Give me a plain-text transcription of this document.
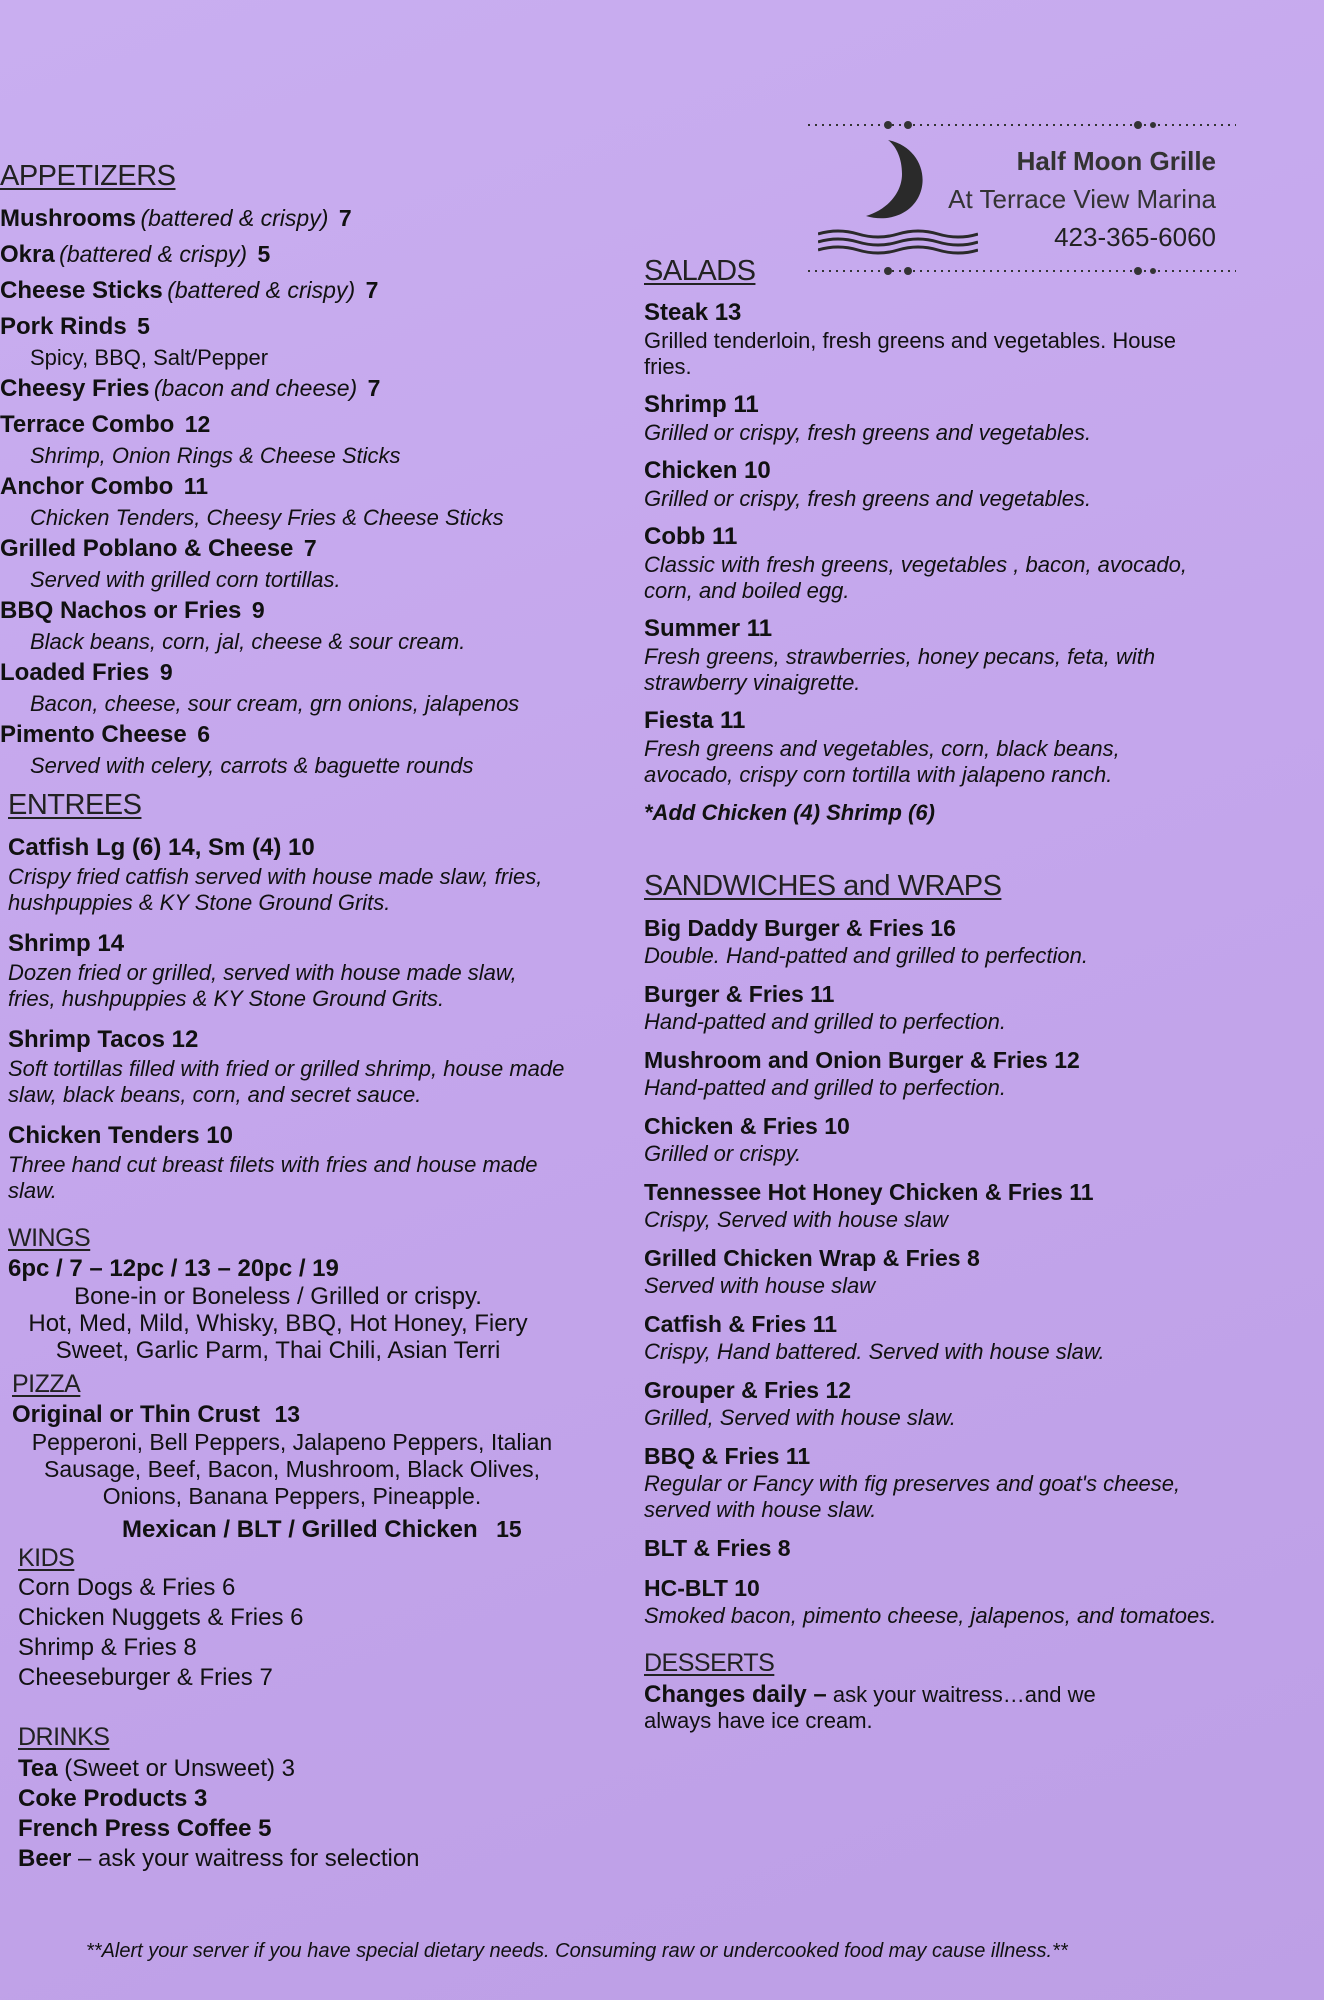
Half Moon Grille
At Terrace View Marina
423-365-6060
APPETIZERS
Mushrooms (battered & crispy) 7
Okra (battered & crispy) 5
Cheese Sticks (battered & crispy) 7
Pork Rinds 5
Spicy, BBQ, Salt/Pepper
Cheesy Fries (bacon and cheese) 7
Terrace Combo 12
Shrimp, Onion Rings & Cheese Sticks
Anchor Combo 11
Chicken Tenders, Cheesy Fries & Cheese Sticks
Grilled Poblano & Cheese 7
Served with grilled corn tortillas.
BBQ Nachos or Fries 9
Black beans, corn, jal, cheese & sour cream.
Loaded Fries 9
Bacon, cheese, sour cream, grn onions, jalapenos
Pimento Cheese 6
Served with celery, carrots & baguette rounds
ENTREES
Catfish Lg (6) 14, Sm (4) 10
Crispy fried catfish served with house made slaw, fries, hushpuppies & KY Stone Ground Grits.
Shrimp 14
Dozen fried or grilled, served with house made slaw, fries, hushpuppies & KY Stone Ground Grits.
Shrimp Tacos 12
Soft tortillas filled with fried or grilled shrimp, house made slaw, black beans, corn, and secret sauce.
Chicken Tenders 10
Three hand cut breast filets with fries and house made slaw.
WINGS
6pc / 7 – 12pc / 13 – 20pc / 19
Bone-in or Boneless / Grilled or crispy.
Hot, Med, Mild, Whisky, BBQ, Hot Honey, Fiery
Sweet, Garlic Parm, Thai Chili, Asian Terri
PIZZA
Original or Thin Crust 13
Pepperoni, Bell Peppers, Jalapeno Peppers, Italian
Sausage, Beef, Bacon, Mushroom, Black Olives,
Onions, Banana Peppers, Pineapple.
Mexican / BLT / Grilled Chicken 15
KIDS
Corn Dogs & Fries 6
Chicken Nuggets & Fries 6
Shrimp & Fries 8
Cheeseburger & Fries 7
DRINKS
Tea (Sweet or Unsweet) 3
Coke Products 3
French Press Coffee 5
Beer – ask your waitress for selection
SALADS
Steak 13
Grilled tenderloin, fresh greens and vegetables. House fries.
Shrimp 11
Grilled or crispy, fresh greens and vegetables.
Chicken 10
Grilled or crispy, fresh greens and vegetables.
Cobb 11
Classic with fresh greens, vegetables , bacon, avocado, corn, and boiled egg.
Summer 11
Fresh greens, strawberries, honey pecans, feta, with strawberry vinaigrette.
Fiesta 11
Fresh greens and vegetables, corn, black beans, avocado, crispy corn tortilla with jalapeno ranch.
*Add Chicken (4) Shrimp (6)
SANDWICHES and WRAPS
Big Daddy Burger & Fries 16
Double. Hand-patted and grilled to perfection.
Burger & Fries 11
Hand-patted and grilled to perfection.
Mushroom and Onion Burger & Fries 12
Hand-patted and grilled to perfection.
Chicken & Fries 10
Grilled or crispy.
Tennessee Hot Honey Chicken & Fries 11
Crispy, Served with house slaw
Grilled Chicken Wrap & Fries 8
Served with house slaw
Catfish & Fries 11
Crispy, Hand battered. Served with house slaw.
Grouper & Fries 12
Grilled, Served with house slaw.
BBQ & Fries 11
Regular or Fancy with fig preserves and goat's cheese, served with house slaw.
BLT & Fries 8
HC-BLT 10
Smoked bacon, pimento cheese, jalapenos, and tomatoes.
DESSERTS
Changes daily – ask your waitress…and we always have ice cream.
**Alert your server if you have special dietary needs. Consuming raw or undercooked food may cause illness.**
